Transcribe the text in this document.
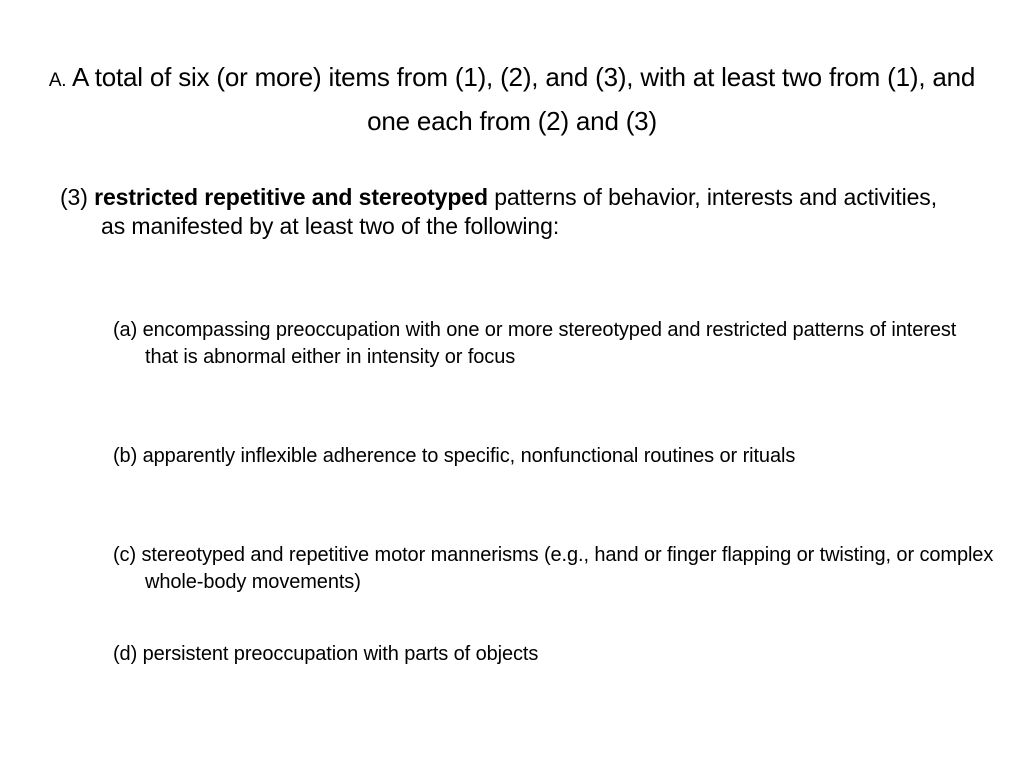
A. A total of six (or more) items from (1), (2), and (3), with at least two from (1), and one each from (2) and (3)
(3) restricted repetitive and stereotyped patterns of behavior, interests and activities, as manifested by at least two of the following:
(a) encompassing preoccupation with one or more stereotyped and restricted patterns of interest that is abnormal either in intensity or focus
(b) apparently inflexible adherence to specific, nonfunctional routines or rituals
(c) stereotyped and repetitive motor mannerisms (e.g., hand or finger flapping or twisting, or complex whole-body movements)
(d) persistent preoccupation with parts of objects
